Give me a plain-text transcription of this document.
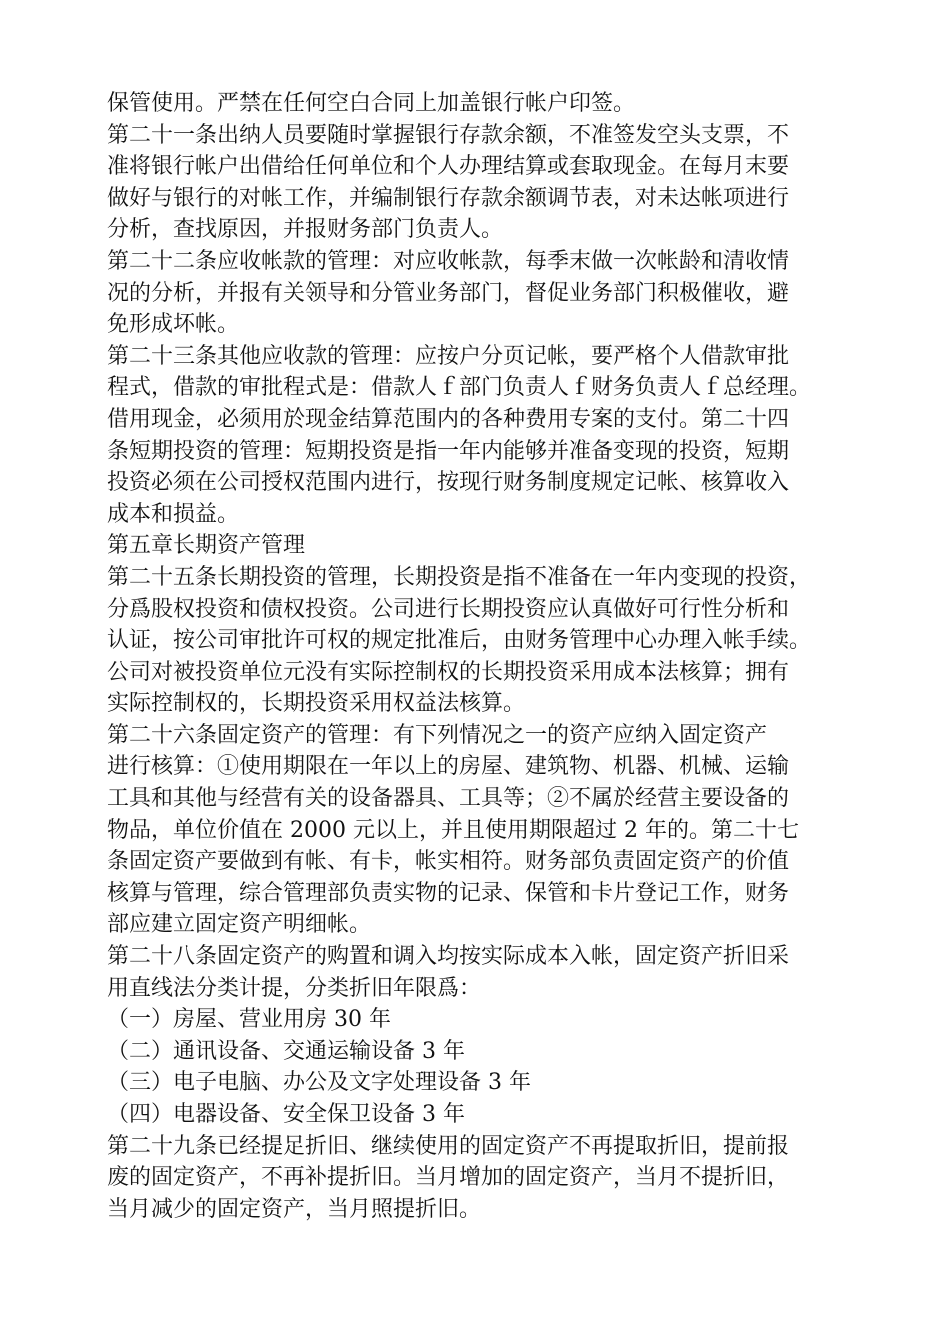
保管使用。严禁在任何空白合同上加盖银行帐户印签。
第二十一条出纳人员要随时掌握银行存款余额，不准签发空头支票，不
准将银行帐户出借给任何单位和个人办理结算或套取现金。在每月末要
做好与银行的对帐工作，并编制银行存款余额调节表，对未达帐项进行
分析，查找原因，并报财务部门负责人。
第二十二条应收帐款的管理：对应收帐款，每季末做一次帐龄和清收情
况的分析，并报有关领导和分管业务部门，督促业务部门积极催收，避
免形成坏帐。
第二十三条其他应收款的管理：应按户分页记帐，要严格个人借款审批
程式，借款的审批程式是：借款人ｆ部门负责人ｆ财务负责人ｆ总经理。
借用现金，必须用於现金结算范围内的各种费用专案的支付。第二十四
条短期投资的管理：短期投资是指一年内能够并准备变现的投资，短期
投资必须在公司授权范围内进行，按现行财务制度规定记帐、核算收入
成本和损益。
第五章长期资产管理
第二十五条长期投资的管理，长期投资是指不准备在一年内变现的投资，
分爲股权投资和债权投资。公司进行长期投资应认真做好可行性分析和
认证，按公司审批许可权的规定批准后，由财务管理中心办理入帐手续。
公司对被投资单位元没有实际控制权的长期投资采用成本法核算；拥有
实际控制权的，长期投资采用权益法核算。
第二十六条固定资产的管理：有下列情况之一的资产应纳入固定资产
进行核算：①使用期限在一年以上的房屋、建筑物、机器、机械、运输
工具和其他与经营有关的设备器具、工具等；②不属於经营主要设备的
物品，单位价值在 2000 元以上，并且使用期限超过 2 年的。第二十七
条固定资产要做到有帐、有卡，帐实相符。财务部负责固定资产的价值
核算与管理，综合管理部负责实物的记录、保管和卡片登记工作，财务
部应建立固定资产明细帐。
第二十八条固定资产的购置和调入均按实际成本入帐，固定资产折旧采
用直线法分类计提，分类折旧年限爲：
（一）房屋、营业用房 30 年
（二）通讯设备、交通运输设备 3 年
（三）电子电脑、办公及文字处理设备 3 年
（四）电器设备、安全保卫设备 3 年
第二十九条已经提足折旧、继续使用的固定资产不再提取折旧，提前报
废的固定资产，不再补提折旧。当月增加的固定资产，当月不提折旧，
当月减少的固定资产，当月照提折旧。
